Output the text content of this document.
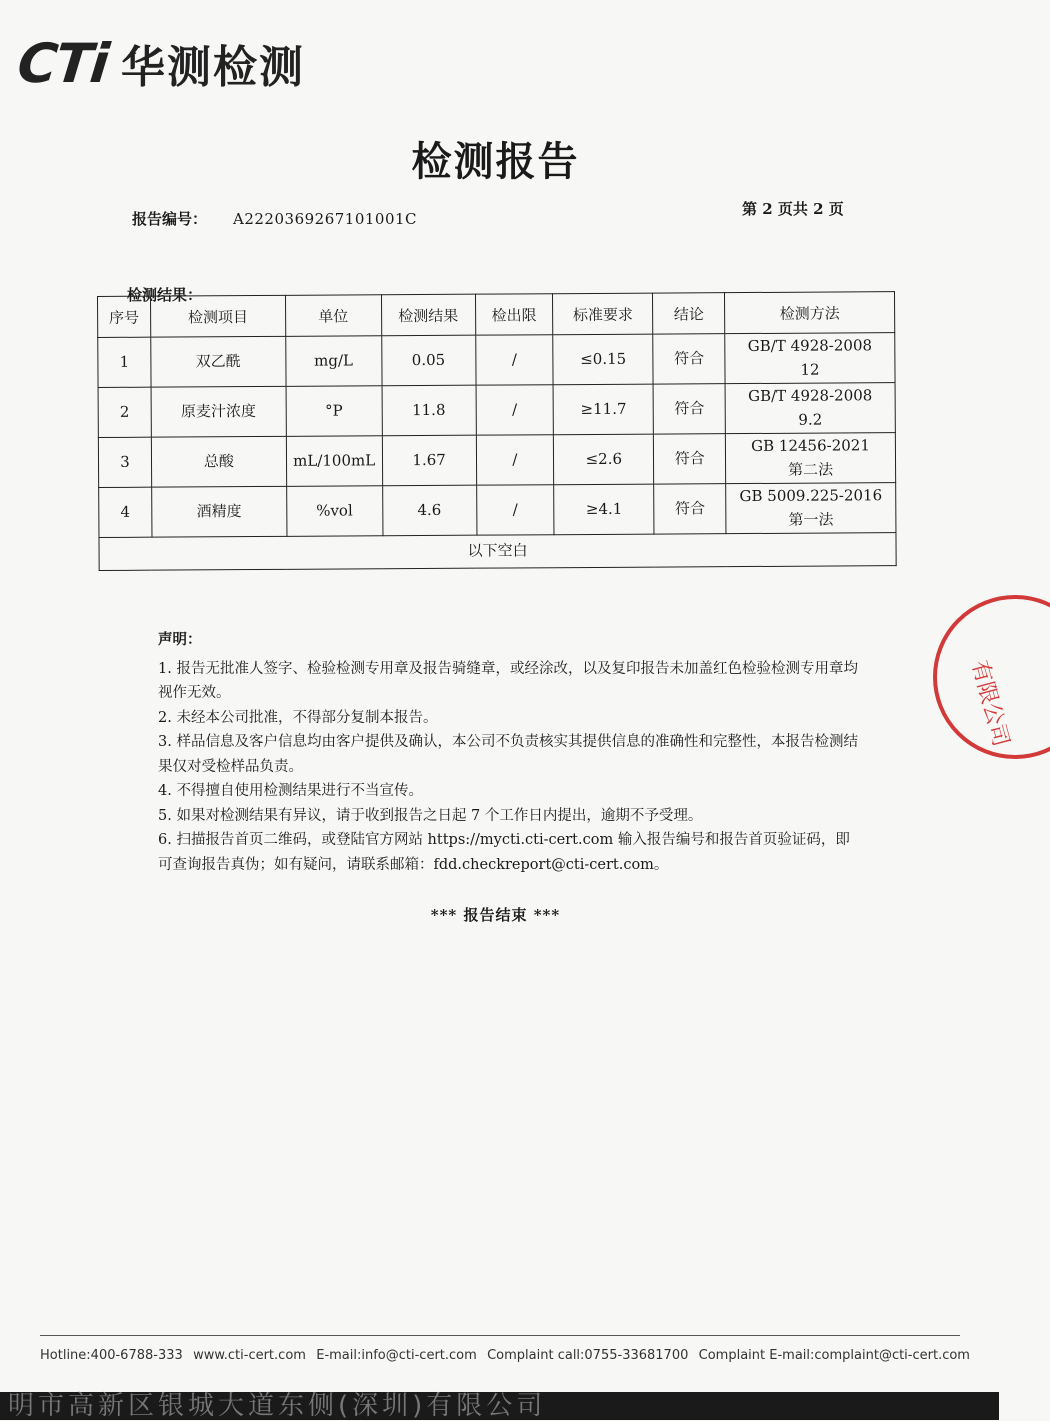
CTi 华测检测
检测报告
报告编号： A2220369267101001C
第 2 页共 2 页
检测结果：
序号	检测项目	单位	检测结果	检出限	标准要求	结论	检测方法
1	双乙酰	mg/L	0.05	/	≤0.15	符合	GB/T 4928-2008
12
2	原麦汁浓度	°P	11.8	/	≥11.7	符合	GB/T 4928-2008
9.2
3	总酸	mL/100mL	1.67	/	≤2.6	符合	GB 12456-2021
第二法
4	酒精度	%vol	4.6	/	≥4.1	符合	GB 5009.225-2016
第一法
以下空白							
声明：
1. 报告无批准人签字、检验检测专用章及报告骑缝章，或经涂改，以及复印报告未加盖红色检验检测专用章均视作无效。
2. 未经本公司批准，不得部分复制本报告。
3. 样品信息及客户信息均由客户提供及确认，本公司不负责核实其提供信息的准确性和完整性，本报告检测结果仅对受检样品负责。
4. 不得擅自使用检测结果进行不当宣传。
5. 如果对检测结果有异议，请于收到报告之日起 7 个工作日内提出，逾期不予受理。
6. 扫描报告首页二维码，或登陆官方网站 https://mycti.cti-cert.com 输入报告编号和报告首页验证码，即可查询报告真伪；如有疑问，请联系邮箱：fdd.checkreport@cti-cert.com。
*** 报告结束 ***
有限公司
Hotline:400-6788-333 www.cti-cert.com E-mail:info@cti-cert.com Complaint call:0755-33681700 Complaint E-mail:complaint@cti-cert.com
明市高新区银城大道东侧(深圳)有限公司
